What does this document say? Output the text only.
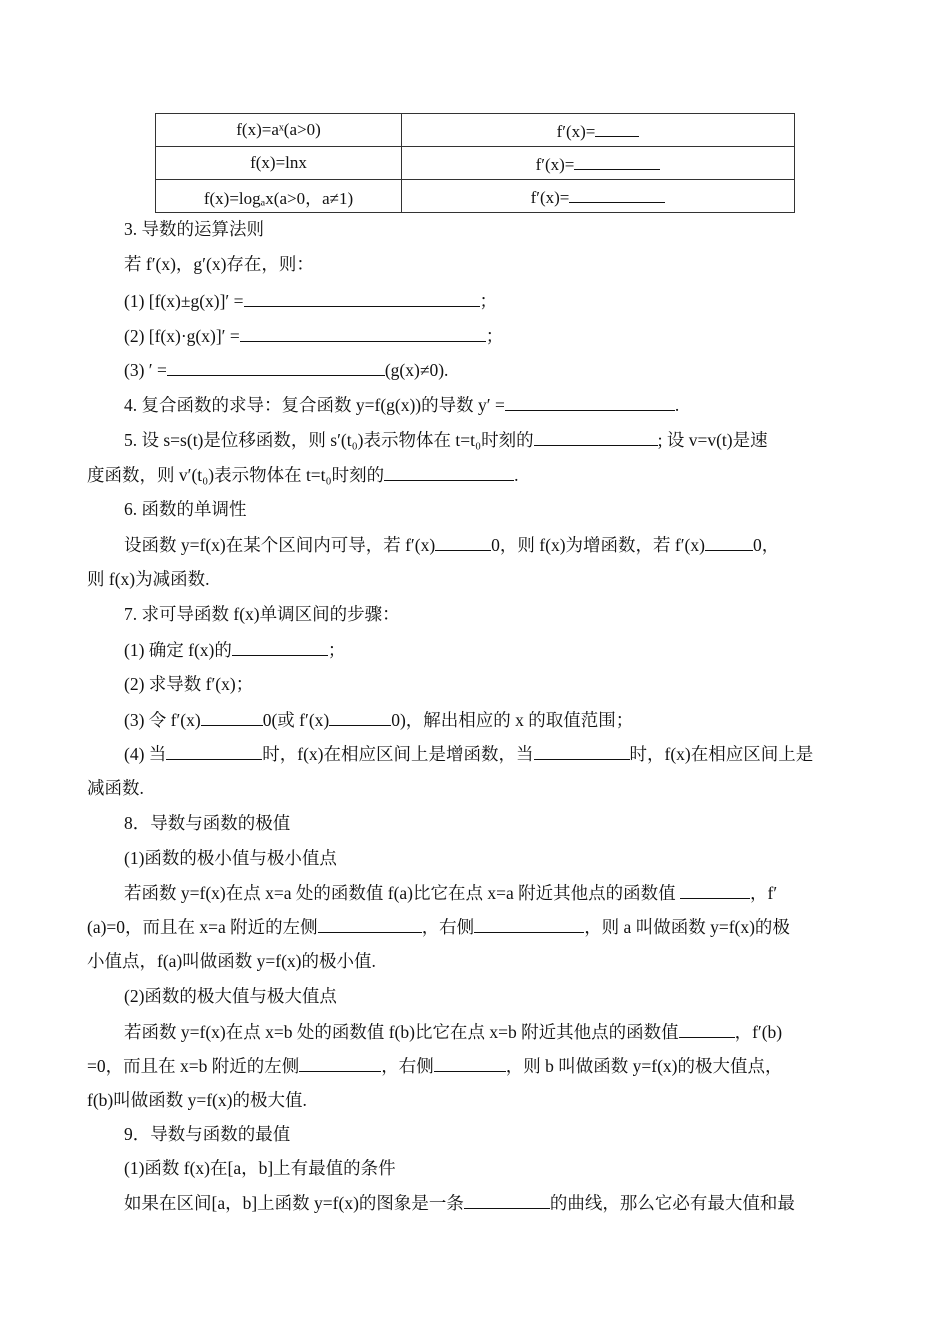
f(x)=aˣ(a>0)	f′(x)=
f(x)=lnx	f′(x)=
f(x)=logₐx(a>0，a≠1)	f′(x)=
3. 导数的运算法则
若 f′(x)，g′(x)存在，则：
(1) [f(x)±g(x)]′ =	；
(2) [f(x)·g(x)]′ =	；
(3) ′ =	(g(x)≠0).
4. 复合函数的求导：复合函数 y=f(g(x))的导数 y′ =	.
5. 设 s=s(t)是位移函数，则 s′(t₀)表示物体在 t=t₀时刻的	; 设 v=v(t)是速
度函数，则 v′(t₀)表示物体在 t=t₀时刻的	.
6. 函数的单调性
设函数 y=f(x)在某个区间内可导，若 f′(x)	0，则 f(x)为增函数，若 f′(x)	0，
则 f(x)为减函数.
7. 求可导函数 f(x)单调区间的步骤：
(1) 确定 f(x)的	；
(2) 求导数 f′(x)；
(3) 令 f′(x)	0(或 f′(x)	0)，解出相应的 x 的取值范围；
(4) 当	时，f(x)在相应区间上是增函数，当	时，f(x)在相应区间上是
减函数.
8．导数与函数的极值
(1)函数的极小值与极小值点
若函数 y=f(x)在点 x=a 处的函数值 f(a)比它在点 x=a 附近其他点的函数值	，f′
(a)=0，而且在 x=a 附近的左侧	，右侧	，则 a 叫做函数 y=f(x)的极
小值点，f(a)叫做函数 y=f(x)的极小值.
(2)函数的极大值与极大值点
若函数 y=f(x)在点 x=b 处的函数值 f(b)比它在点 x=b 附近其他点的函数值	，f′(b)
=0，而且在 x=b 附近的左侧	，右侧	，则 b 叫做函数 y=f(x)的极大值点，
f(b)叫做函数 y=f(x)的极大值.
9．导数与函数的最值
(1)函数 f(x)在[a，b]上有最值的条件
如果在区间[a，b]上函数 y=f(x)的图象是一条	的曲线，那么它必有最大值和最
